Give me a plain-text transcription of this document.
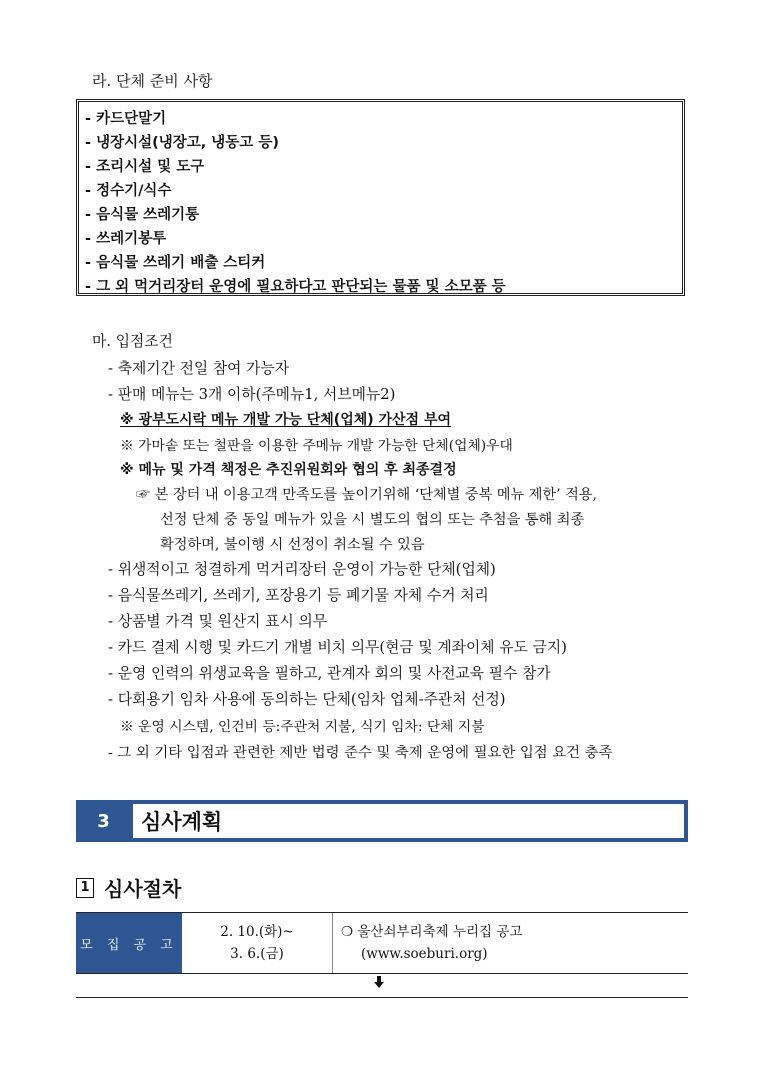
라. 단체 준비 사항
- 카드단말기
- 냉장시설(냉장고, 냉동고 등)
- 조리시설 및 도구
- 정수기/식수
- 음식물 쓰레기통
- 쓰레기봉투
- 음식물 쓰레기 배출 스티커
- 그 외 먹거리장터 운영에 필요하다고 판단되는 물품 및 소모품 등
마. 입점조건
- 축제기간 전일 참여 가능자
- 판매 메뉴는 3개 이하(주메뉴1, 서브메뉴2)
※ 광부도시락 메뉴 개발 가능 단체(업체) 가산점 부여
※ 가마솥 또는 철판을 이용한 주메뉴 개발 가능한 단체(업체)우대
※ 메뉴 및 가격 책정은 추진위원회와 협의 후 최종결정
☞ 본 장터 내 이용고객 만족도를 높이기위해 ‘단체별 중복 메뉴 제한’ 적용,
선정 단체 중 동일 메뉴가 있을 시 별도의 협의 또는 추첨을 통해 최종
확정하며, 불이행 시 선정이 취소될 수 있음
- 위생적이고 청결하게 먹거리장터 운영이 가능한 단체(업체)
- 음식물쓰레기, 쓰레기, 포장용기 등 폐기물 자체 수거 처리
- 상품별 가격 및 원산지 표시 의무
- 카드 결제 시행 및 카드기 개별 비치 의무(현금 및 계좌이체 유도 금지)
- 운영 인력의 위생교육을 필하고, 관계자 회의 및 사전교육 필수 참가
- 다회용기 임차 사용에 동의하는 단체(임차 업체-주관처 선정)
※ 운영 시스템, 인건비 등:주관처 지불, 식기 임차: 단체 지불
- 그 외 기타 입점과 관련한 제반 법령 준수 및 축제 운영에 필요한 입점 요건 충족
3	심사계획
1 심사절차
모 집 공 고
2. 10.(화)~
3. 6.(금)
❍ 울산쇠부리축제 누리집 공고
(www.soeburi.org)
